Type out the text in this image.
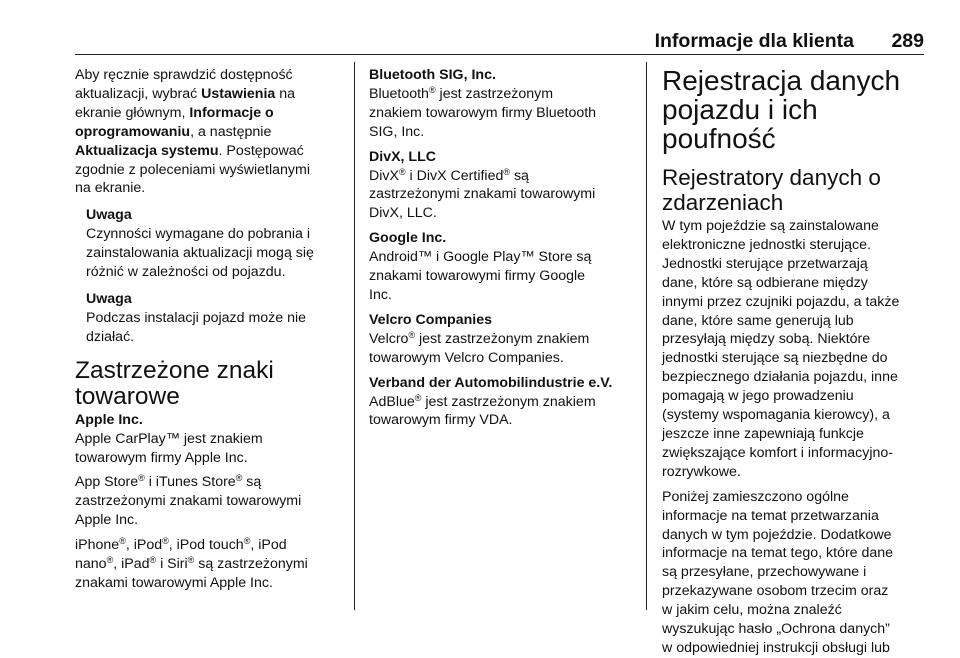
Informacje dla klienta 289

Aby ręcznie sprawdzić dostępność

aktualizacji, wybrać Ustawienia na

ekranie głównym, Informacje o

oprogramowaniu, a następnie

Aktualizacja systemu. Postępować

zgodnie z poleceniami wyświetlanymi

na ekranie.

Uwaga

Czynności wymagane do pobrania i

zainstalowania aktualizacji mogą się

różnić w zależności od pojazdu.

Uwaga

Podczas instalacji pojazd może nie

działać.

Zastrzeżone znaki
towarowe

Apple Inc.

Apple CarPlay™ jest znakiem

towarowym firmy Apple Inc.

App Store® i iTunes Store® są

zastrzeżonymi znakami towarowymi

Apple Inc.

iPhone®, iPod®, iPod touch®, iPod

nano®, iPad® i Siri® są zastrzeżonymi

znakami towarowymi Apple Inc.

Bluetooth SIG, Inc.

Bluetooth® jest zastrzeżonym

znakiem towarowym firmy Bluetooth

SIG, Inc.

DivX, LLC

DivX® i DivX Certified® są

zastrzeżonymi znakami towarowymi

DivX, LLC.

Google Inc.

Android™ i Google Play™ Store są

znakami towarowymi firmy Google

Inc.

Velcro Companies

Velcro® jest zastrzeżonym znakiem

towarowym Velcro Companies.

Verband der Automobilindustrie e.V.

AdBlue® jest zastrzeżonym znakiem

towarowym firmy VDA.

Rejestracja danych
pojazdu i ich poufność
Rejestratory danych o
zdarzeniach

W tym pojeździe są zainstalowane

elektroniczne jednostki sterujące.

Jednostki sterujące przetwarzają

dane, które są odbierane między

innymi przez czujniki pojazdu, a także

dane, które same generują lub

przesyłają między sobą. Niektóre

jednostki sterujące są niezbędne do

bezpiecznego działania pojazdu, inne

pomagają w jego prowadzeniu

(systemy wspomagania kierowcy), a

jeszcze inne zapewniają funkcje

zwiększające komfort i informacyjno-

rozrywkowe.

Poniżej zamieszczono ogólne

informacje na temat przetwarzania

danych w tym pojeździe. Dodatkowe

informacje na temat tego, które dane

są przesyłane, przechowywane i

przekazywane osobom trzecim oraz

w jakim celu, można znaleźć

wyszukując hasło „Ochrona danych”

w odpowiedniej instrukcji obsługi lub
